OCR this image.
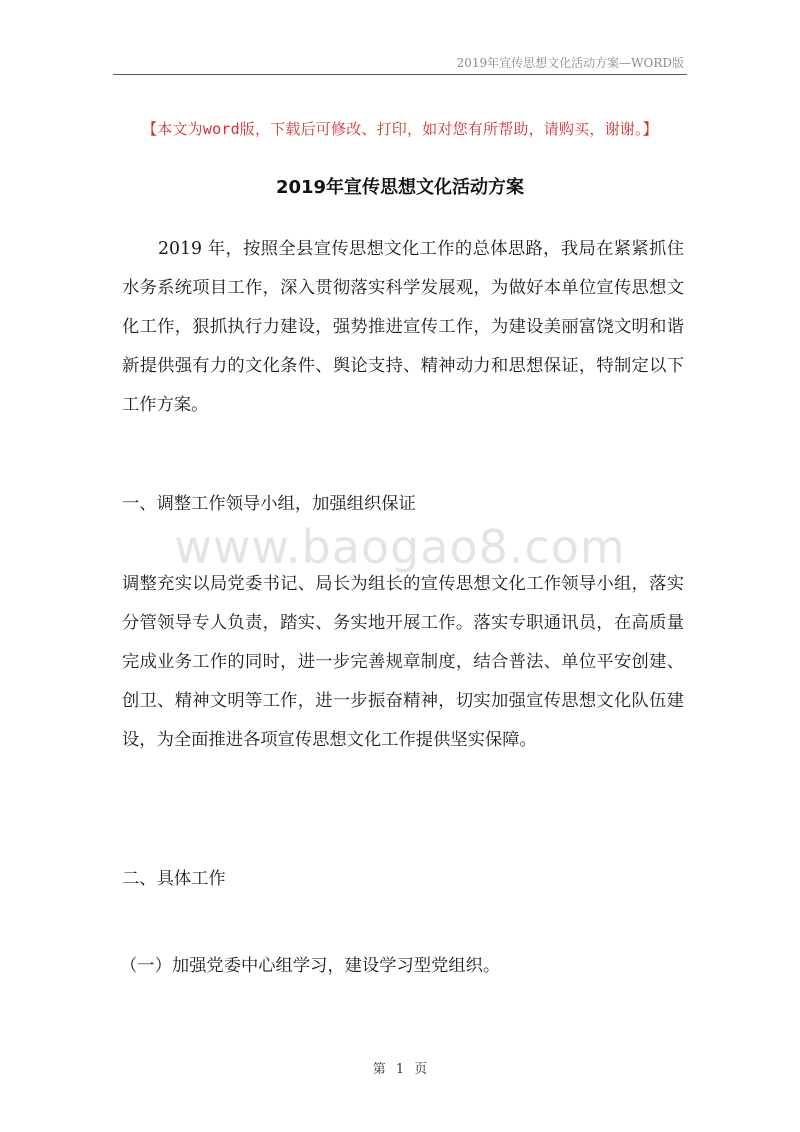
2019年宣传思想文化活动方案—WORD版
【本文为word版，下载后可修改、打印，如对您有所帮助，请购买，谢谢。】
2019年宣传思想文化活动方案

2019 年，按照全县宣传思想文化工作的总体思路，我局在紧紧抓住水务系统项目工作，深入贯彻落实科学发展观，为做好本单位宣传思想文化工作，狠抓执行力建设，强势推进宣传工作，为建设美丽富饶文明和谐新提供强有力的文化条件、舆论支持、精神动力和思想保证，特制定以下工作方案。

一、调整工作领导小组，加强组织保证

www.baogao8.com

调整充实以局党委书记、局长为组长的宣传思想文化工作领导小组，落实分管领导专人负责，踏实、务实地开展工作。落实专职通讯员，在高质量完成业务工作的同时，进一步完善规章制度，结合普法、单位平安创建、创卫、精神文明等工作，进一步振奋精神，切实加强宣传思想文化队伍建设，为全面推进各项宣传思想文化工作提供坚实保障。

二、具体工作

（一）加强党委中心组学习，建设学习型党组织。

第 1 页
